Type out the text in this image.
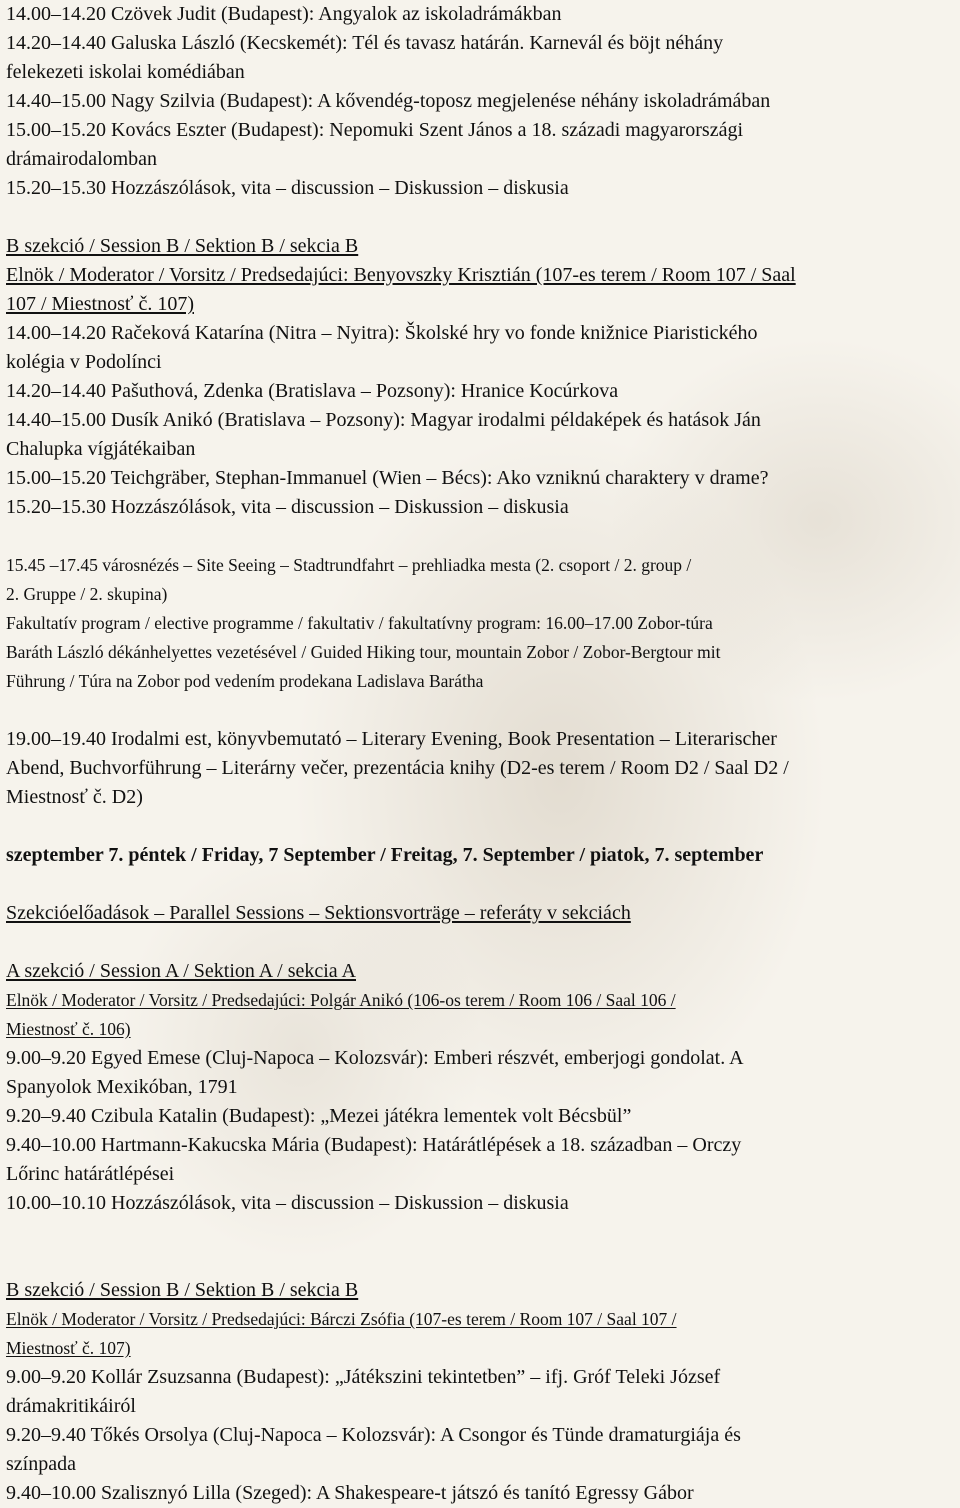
14.00–14.20 Czövek Judit (Budapest): Angyalok az iskoladrámákban
14.20–14.40 Galuska László (Kecskemét): Tél és tavasz határán. Karnevál és böjt néhány
felekezeti iskolai komédiában
14.40–15.00 Nagy Szilvia (Budapest): A kővendég-toposz megjelenése néhány iskoladrámában
15.00–15.20 Kovács Eszter (Budapest): Nepomuki Szent János a 18. századi magyarországi
drámairodalomban
15.20–15.30 Hozzászólások, vita – discussion – Diskussion – diskusia
B szekció / Session B / Sektion B / sekcia B
Elnök / Moderator / Vorsitz / Predsedajúci: Benyovszky Krisztián (107-es terem / Room 107 / Saal
107 / Miestnosť č. 107)
14.00–14.20 Račeková Katarína (Nitra – Nyitra): Školské hry vo fonde knižnice Piaristického
kolégia v Podolínci
14.20–14.40 Pašuthová, Zdenka (Bratislava – Pozsony): Hranice Kocúrkova
14.40–15.00 Dusík Anikó (Bratislava – Pozsony): Magyar irodalmi példaképek és hatások Ján
Chalupka vígjátékaiban
15.00–15.20 Teichgräber, Stephan-Immanuel (Wien – Bécs): Ako vzniknú charaktery v drame?
15.20–15.30 Hozzászólások, vita – discussion – Diskussion – diskusia
15.45 –17.45 városnézés – Site Seeing – Stadtrundfahrt – prehliadka mesta (2. csoport / 2. group /
2. Gruppe / 2. skupina)
Fakultatív program / elective programme / fakultativ / fakultatívny program: 16.00–17.00 Zobor-túra
Baráth László dékánhelyettes vezetésével / Guided Hiking tour, mountain Zobor / Zobor-Bergtour mit
Führung / Túra na Zobor pod vedením prodekana Ladislava Barátha
19.00–19.40 Irodalmi est, könyvbemutató – Literary Evening, Book Presentation – Literarischer
Abend, Buchvorführung – Literárny večer, prezentácia knihy (D2-es terem / Room D2 / Saal D2 /
Miestnosť č. D2)
szeptember 7. péntek / Friday, 7 September / Freitag, 7. September / piatok, 7. september
Szekcióelőadások – Parallel Sessions – Sektionsvorträge – referáty v sekciách
A szekció / Session A / Sektion A / sekcia A
Elnök / Moderator / Vorsitz / Predsedajúci: Polgár Anikó (106-os terem / Room 106 / Saal 106 /
Miestnosť č. 106)
9.00–9.20 Egyed Emese (Cluj-Napoca – Kolozsvár): Emberi részvét, emberjogi gondolat. A
Spanyolok Mexikóban, 1791
9.20–9.40 Czibula Katalin (Budapest): „Mezei játékra lementek volt Bécsbül”
9.40–10.00 Hartmann-Kakucska Mária (Budapest): Határátlépések a 18. században – Orczy
Lőrinc határátlépései
10.00–10.10 Hozzászólások, vita – discussion – Diskussion – diskusia
B szekció / Session B / Sektion B / sekcia B
Elnök / Moderator / Vorsitz / Predsedajúci: Bárczi Zsófia (107-es terem / Room 107 / Saal 107 /
Miestnosť č. 107)
9.00–9.20 Kollár Zsuzsanna (Budapest): „Játékszini tekintetben” – ifj. Gróf Teleki József
drámakritikáiról
9.20–9.40 Tőkés Orsolya (Cluj-Napoca – Kolozsvár): A Csongor és Tünde dramaturgiája és
színpada
9.40–10.00 Szalisznyó Lilla (Szeged): A Shakespeare-t játszó és tanító Egressy Gábor
